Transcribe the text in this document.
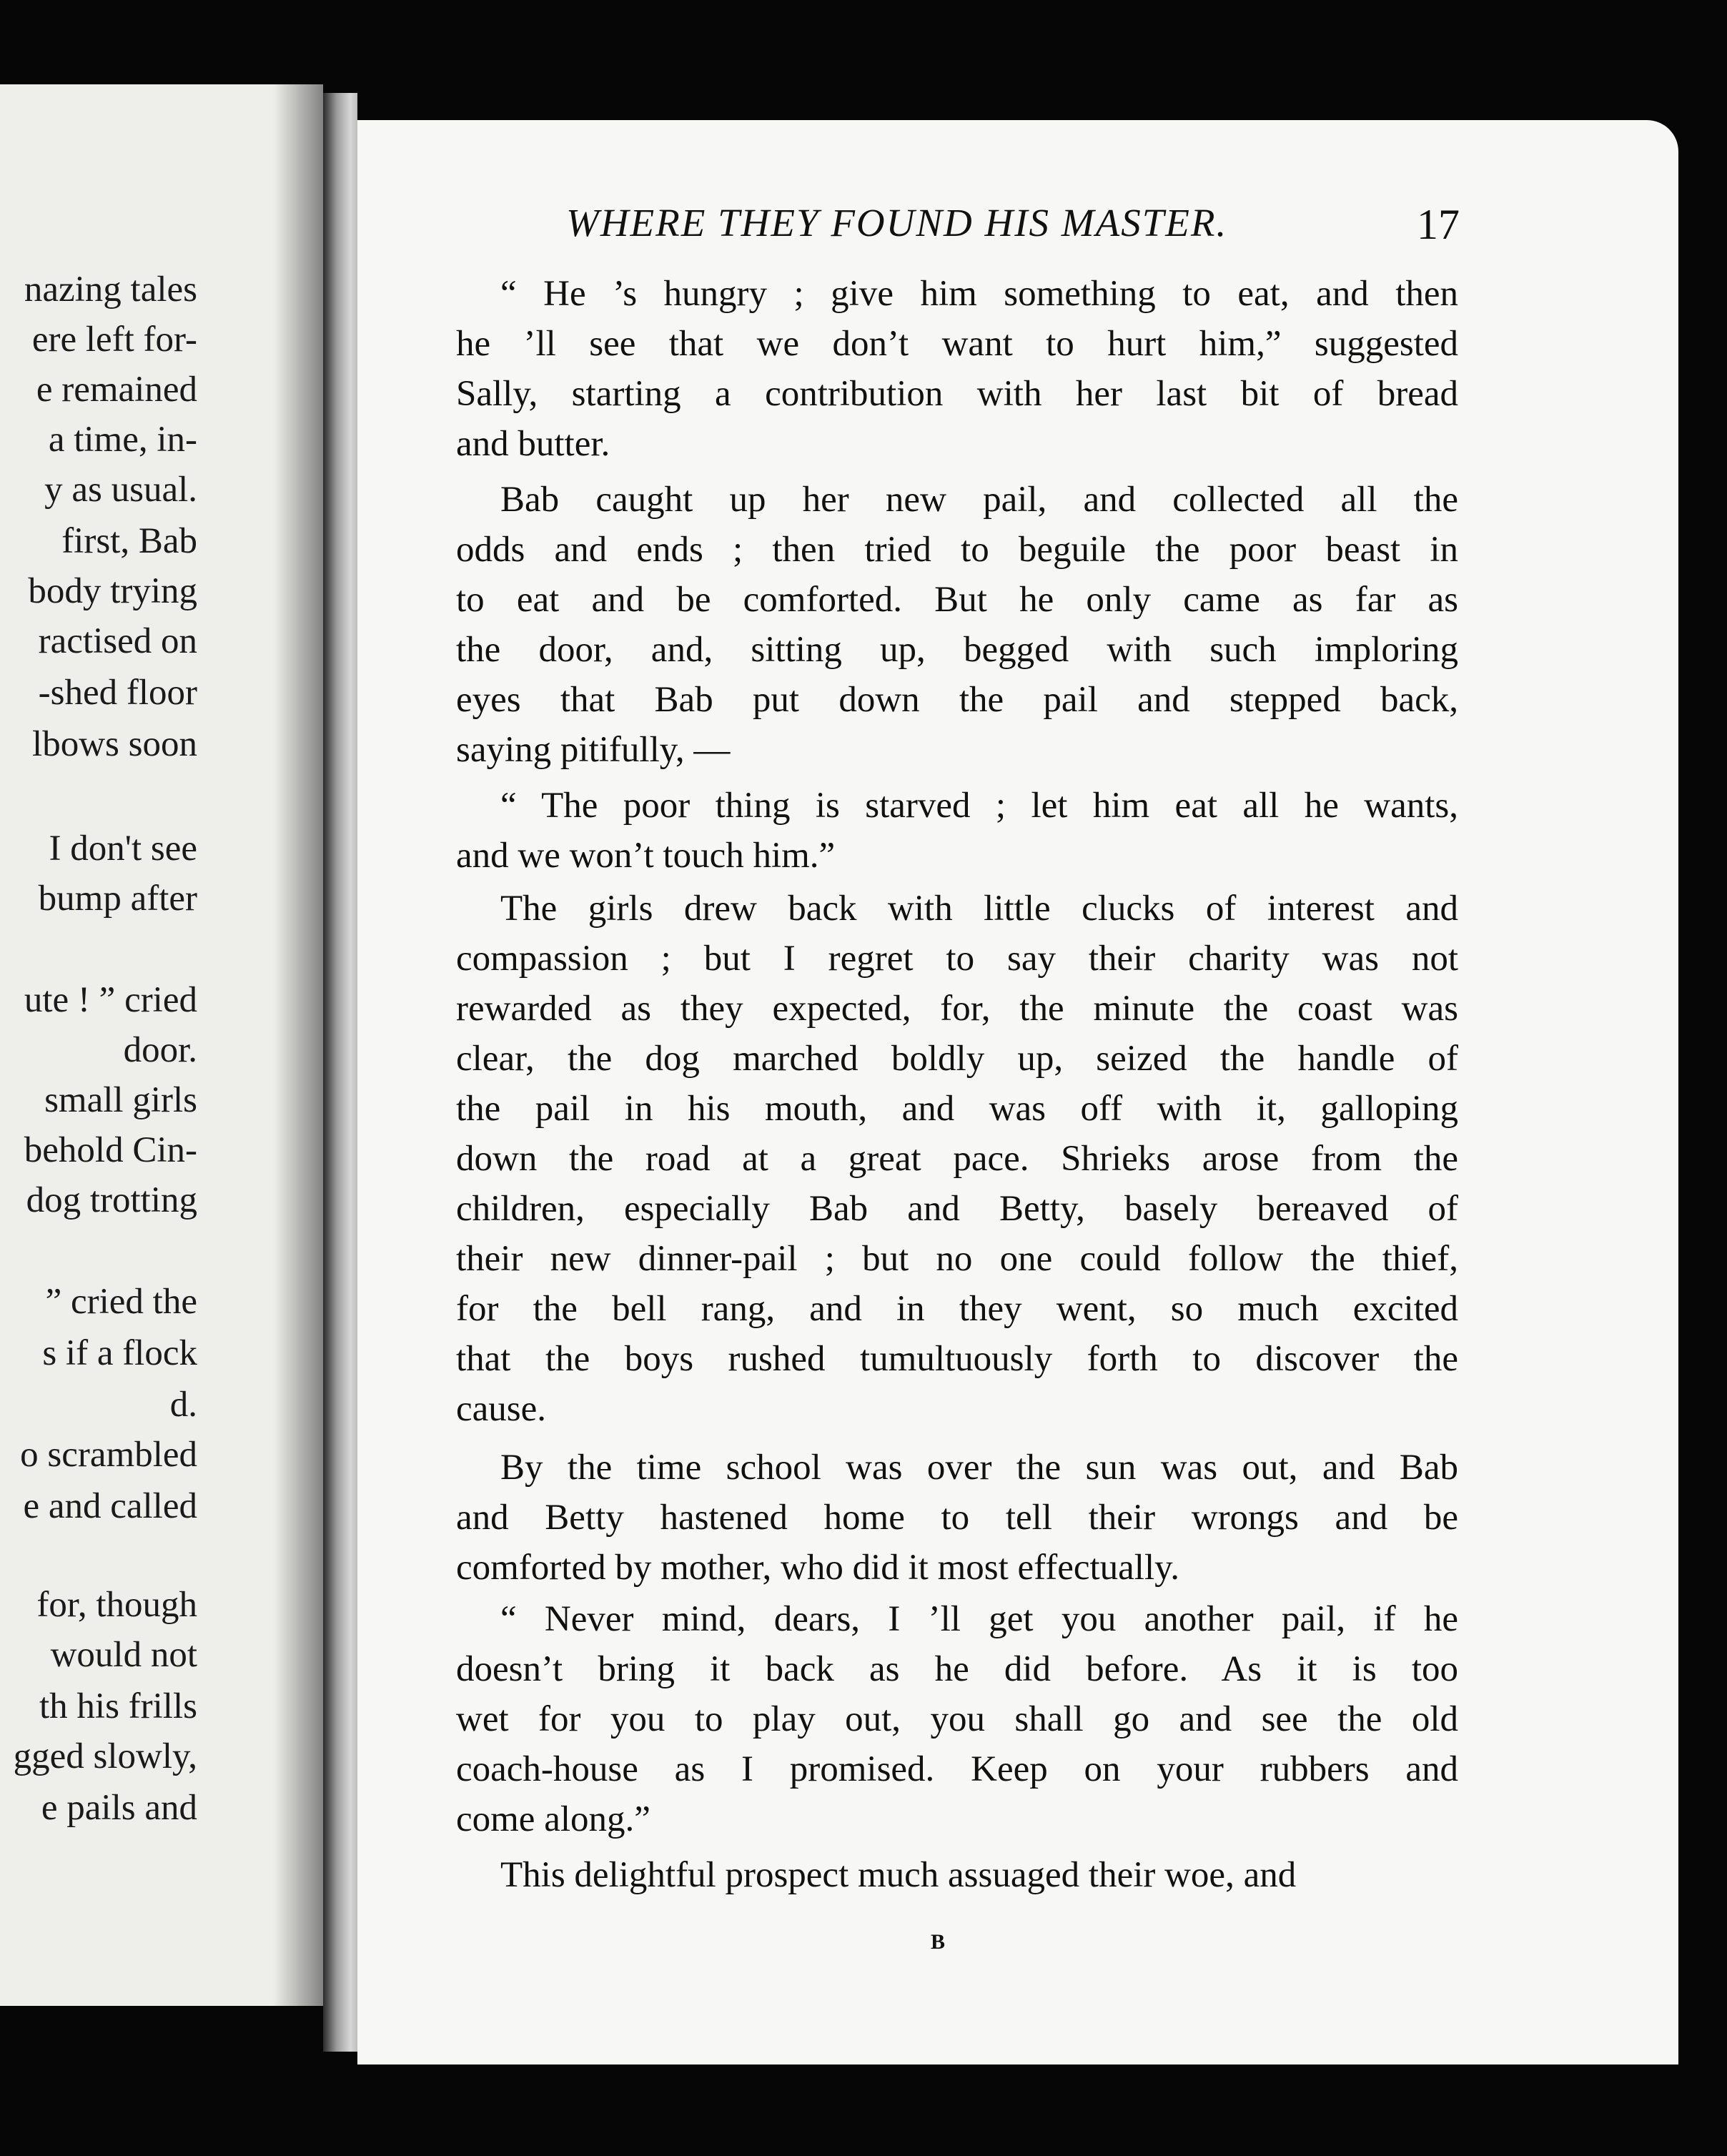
nazing tales
ere left for-
e remained
a time, in-
y as usual.
first, Bab
body trying
ractised on
-shed floor
lbows soon
I don't see
bump after
ute ! ” cried
door.
small girls
behold Cin-
dog trotting
” cried the
s if a flock
d.
o scrambled
e and called
for, though
would not
th his frills
gged slowly,
e pails and
WHERE THEY FOUND HIS MASTER.	17
“ He ’s hungry ; give him something to eat, and then
he ’ll see that we don’t want to hurt him,” suggested
Sally, starting a contribution with her last bit of bread
and butter.
Bab caught up her new pail, and collected all the
odds and ends ; then tried to beguile the poor beast in
to eat and be comforted. But he only came as far as
the door, and, sitting up, begged with such imploring
eyes that Bab put down the pail and stepped back,
saying pitifully, —
“ The poor thing is starved ; let him eat all he wants,
and we won’t touch him.”
The girls drew back with little clucks of interest and
compassion ; but I regret to say their charity was not
rewarded as they expected, for, the minute the coast was
clear, the dog marched boldly up, seized the handle of
the pail in his mouth, and was off with it, galloping
down the road at a great pace. Shrieks arose from the
children, especially Bab and Betty, basely bereaved of
their new dinner-pail ; but no one could follow the thief,
for the bell rang, and in they went, so much excited
that the boys rushed tumultuously forth to discover the
cause.
By the time school was over the sun was out, and Bab
and Betty hastened home to tell their wrongs and be
comforted by mother, who did it most effectually.
“ Never mind, dears, I ’ll get you another pail, if he
doesn’t bring it back as he did before. As it is too
wet for you to play out, you shall go and see the old
coach-house as I promised. Keep on your rubbers and
come along.”
This delightful prospect much assuaged their woe, and
B
